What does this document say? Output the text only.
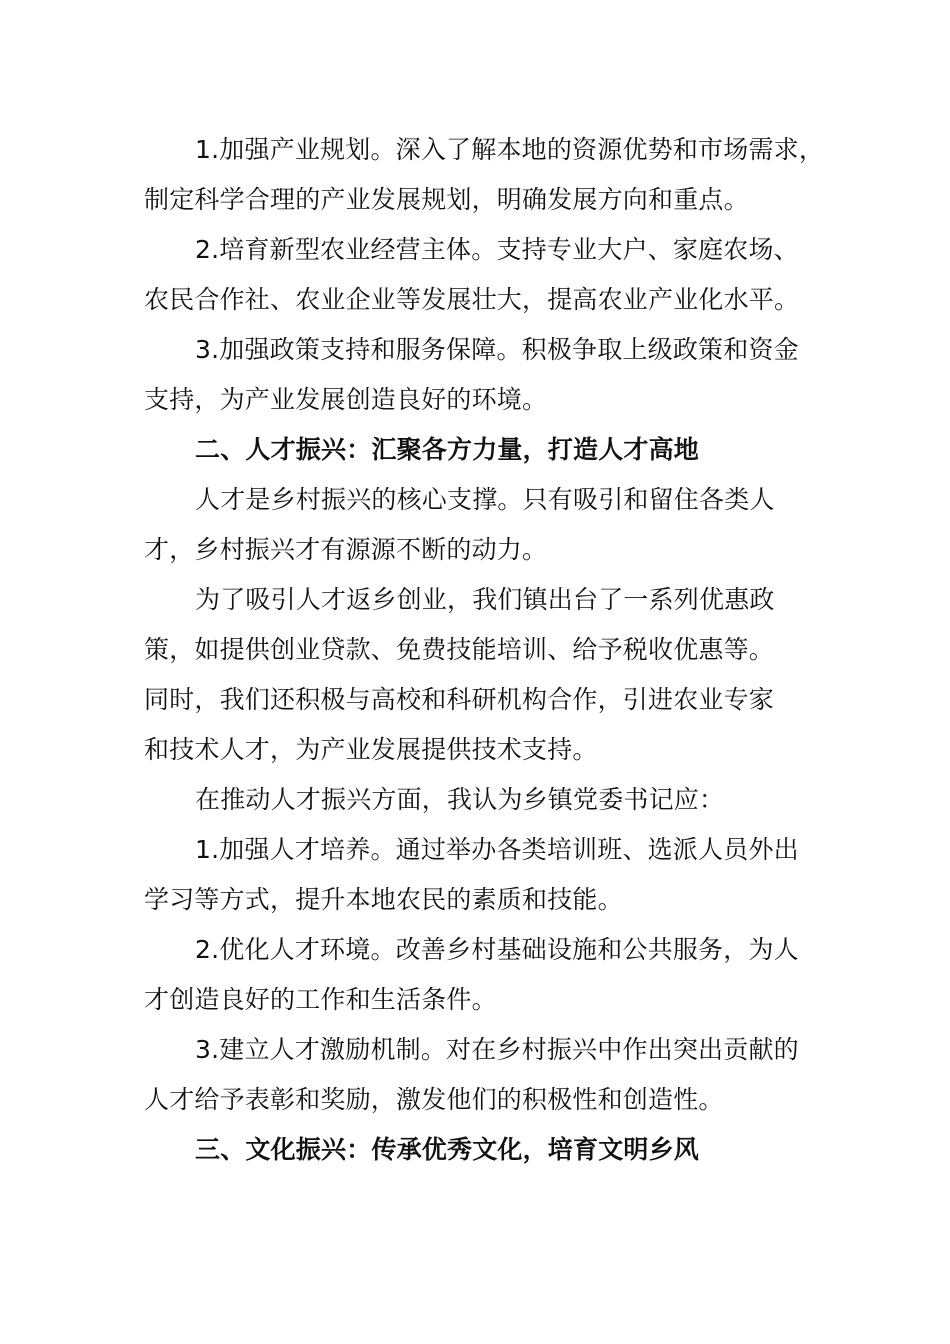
1.加强产业规划。深入了解本地的资源优势和市场需求，
制定科学合理的产业发展规划，明确发展方向和重点。
2.培育新型农业经营主体。支持专业大户、家庭农场、
农民合作社、农业企业等发展壮大，提高农业产业化水平。
3.加强政策支持和服务保障。积极争取上级政策和资金
支持，为产业发展创造良好的环境。
二、人才振兴：汇聚各方力量，打造人才高地
人才是乡村振兴的核心支撑。只有吸引和留住各类人
才，乡村振兴才有源源不断的动力。
为了吸引人才返乡创业，我们镇出台了一系列优惠政
策，如提供创业贷款、免费技能培训、给予税收优惠等。
同时，我们还积极与高校和科研机构合作，引进农业专家
和技术人才，为产业发展提供技术支持。
在推动人才振兴方面，我认为乡镇党委书记应：
1.加强人才培养。通过举办各类培训班、选派人员外出
学习等方式，提升本地农民的素质和技能。
2.优化人才环境。改善乡村基础设施和公共服务，为人
才创造良好的工作和生活条件。
3.建立人才激励机制。对在乡村振兴中作出突出贡献的
人才给予表彰和奖励，激发他们的积极性和创造性。
三、文化振兴：传承优秀文化，培育文明乡风
